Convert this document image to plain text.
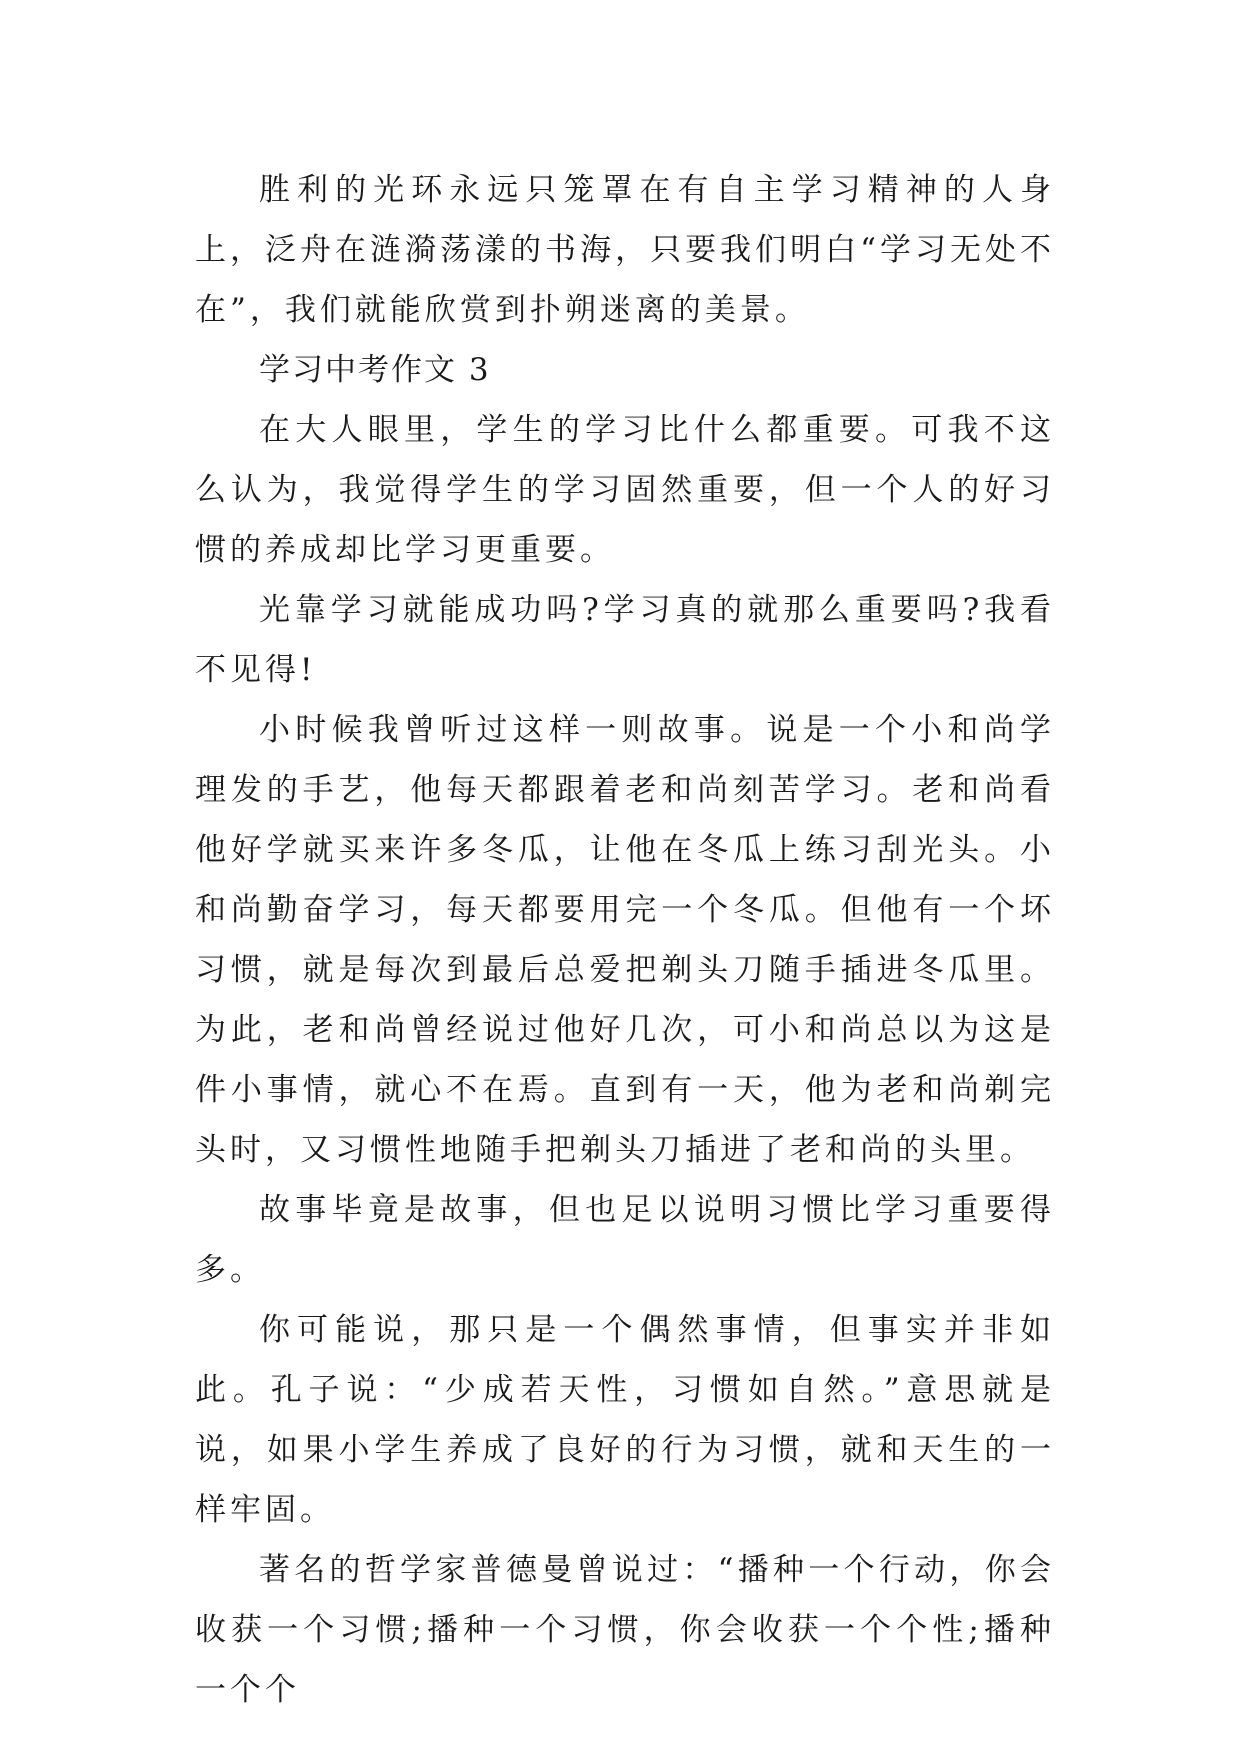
胜利的光环永远只笼罩在有自主学习精神的人身上，泛舟在涟漪荡漾的书海，只要我们明白“学习无处不在”，我们就能欣赏到扑朔迷离的美景。

学习中考作文 3

在大人眼里，学生的学习比什么都重要。可我不这么认为，我觉得学生的学习固然重要，但一个人的好习惯的养成却比学习更重要。

光靠学习就能成功吗?学习真的就那么重要吗?我看不见得!

小时候我曾听过这样一则故事。说是一个小和尚学理发的手艺，他每天都跟着老和尚刻苦学习。老和尚看他好学就买来许多冬瓜，让他在冬瓜上练习刮光头。小和尚勤奋学习，每天都要用完一个冬瓜。但他有一个坏习惯，就是每次到最后总爱把剃头刀随手插进冬瓜里。为此，老和尚曾经说过他好几次，可小和尚总以为这是件小事情，就心不在焉。直到有一天，他为老和尚剃完头时，又习惯性地随手把剃头刀插进了老和尚的头里。

故事毕竟是故事，但也足以说明习惯比学习重要得多。

你可能说，那只是一个偶然事情，但事实并非如此。孔子说：“少成若天性，习惯如自然。”意思就是说，如果小学生养成了良好的行为习惯，就和天生的一样牢固。

著名的哲学家普德曼曾说过：“播种一个行动，你会收获一个习惯;播种一个习惯，你会收获一个个性;播种一个个
